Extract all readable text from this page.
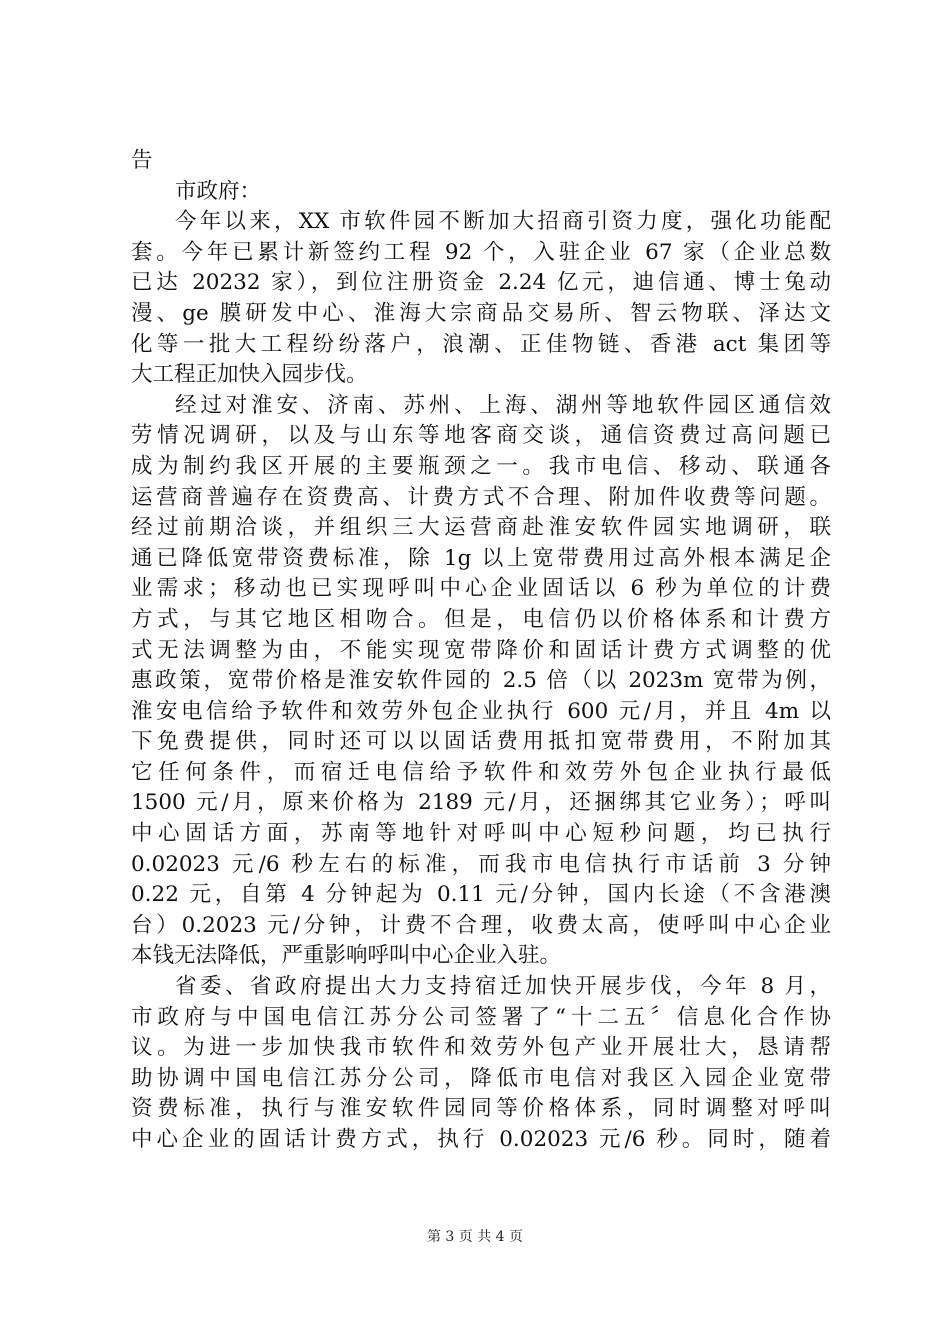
告
市政府：
今年以来，XX 市软件园不断加大招商引资力度，强化功能配
套。今年已累计新签约工程 92 个，入驻企业 67 家（企业总数
已达 20232 家），到位注册资金 2.24 亿元，迪信通、博士兔动
漫、ge 膜研发中心、淮海大宗商品交易所、智云物联、泽达文
化等一批大工程纷纷落户，浪潮、正佳物链、香港 act 集团等
大工程正加快入园步伐。
经过对淮安、济南、苏州、上海、湖州等地软件园区通信效
劳情况调研，以及与山东等地客商交谈，通信资费过高问题已
成为制约我区开展的主要瓶颈之一。我市电信、移动、联通各
运营商普遍存在资费高、计费方式不合理、附加件收费等问题。
经过前期洽谈，并组织三大运营商赴淮安软件园实地调研，联
通已降低宽带资费标准，除 1g 以上宽带费用过高外根本满足企
业需求；移动也已实现呼叫中心企业固话以 6 秒为单位的计费
方式，与其它地区相吻合。但是，电信仍以价格体系和计费方
式无法调整为由，不能实现宽带降价和固话计费方式调整的优
惠政策，宽带价格是淮安软件园的 2.5 倍（以 2023m 宽带为例，
淮安电信给予软件和效劳外包企业执行 600 元/月，并且 4m 以
下免费提供，同时还可以以固话费用抵扣宽带费用，不附加其
它任何条件，而宿迁电信给予软件和效劳外包企业执行最低
1500 元/月，原来价格为 2189 元/月，还捆绑其它业务）；呼叫
中心固话方面，苏南等地针对呼叫中心短秒问题，均已执行
0.02023 元/6 秒左右的标准，而我市电信执行市话前 3 分钟
0.22 元，自第 4 分钟起为 0.11 元/分钟，国内长途（不含港澳
台）0.2023 元/分钟，计费不合理，收费太高，使呼叫中心企业
本钱无法降低，严重影响呼叫中心企业入驻。
省委、省政府提出大力支持宿迁加快开展步伐，今年 8 月，
市政府与中国电信江苏分公司签署了“十二五〞信息化合作协
议。为进一步加快我市软件和效劳外包产业开展壮大，恳请帮
助协调中国电信江苏分公司，降低市电信对我区入园企业宽带
资费标准，执行与淮安软件园同等价格体系，同时调整对呼叫
中心企业的固话计费方式，执行 0.02023 元/6 秒。同时，随着
第 3 页 共 4 页
